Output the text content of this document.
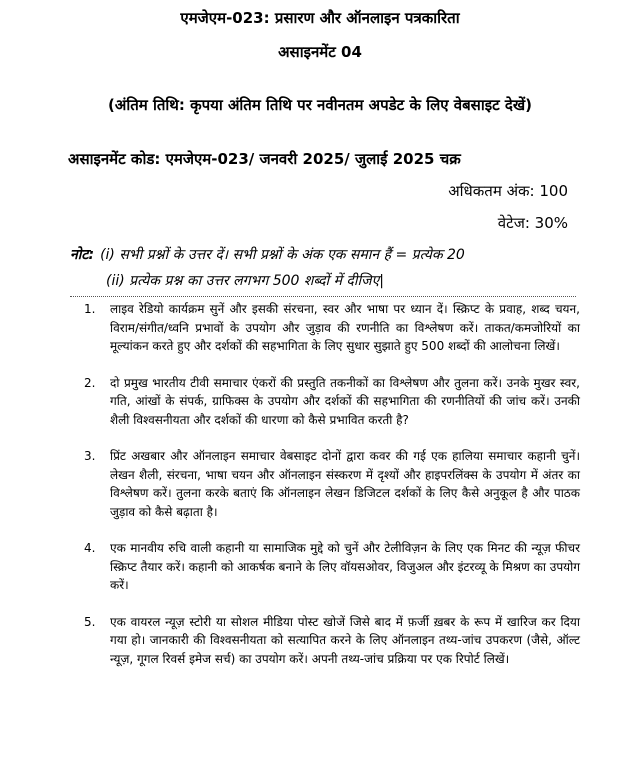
एमजेएम-023: प्रसारण और ऑनलाइन पत्रकारिता
असाइनमेंट 04
(अंतिम तिथि: कृपया अंतिम तिथि पर नवीनतम अपडेट के लिए वेबसाइट देखें)
असाइनमेंट कोड: एमजेएम-023/ जनवरी 2025/ जुलाई 2025 चक्र
अधिकतम अंक: 100
वेटेज: 30%
नोट: (i) सभी प्रश्नों के उत्तर दें। सभी प्रश्नों के अंक एक समान हैं = प्रत्येक 20
(ii) प्रत्येक प्रश्न का उत्तर लगभग 500 शब्दों में दीजिए|
1. लाइव रेडियो कार्यक्रम सुनें और इसकी संरचना, स्वर और भाषा पर ध्यान दें। स्क्रिप्ट के प्रवाह, शब्द चयन, विराम/संगीत/ध्वनि प्रभावों के उपयोग और जुड़ाव की रणनीति का विश्लेषण करें। ताकत/कमजोरियों का मूल्यांकन करते हुए और दर्शकों की सहभागिता के लिए सुधार सुझाते हुए 500 शब्दों की आलोचना लिखें।
2. दो प्रमुख भारतीय टीवी समाचार एंकरों की प्रस्तुति तकनीकों का विश्लेषण और तुलना करें। उनके मुखर स्वर, गति, आंखों के संपर्क, ग्राफिक्स के उपयोग और दर्शकों की सहभागिता की रणनीतियों की जांच करें। उनकी शैली विश्वसनीयता और दर्शकों की धारणा को कैसे प्रभावित करती है?
3. प्रिंट अखबार और ऑनलाइन समाचार वेबसाइट दोनों द्वारा कवर की गई एक हालिया समाचार कहानी चुनें। लेखन शैली, संरचना, भाषा चयन और ऑनलाइन संस्करण में दृश्यों और हाइपरलिंक्स के उपयोग में अंतर का विश्लेषण करें। तुलना करके बताएं कि ऑनलाइन लेखन डिजिटल दर्शकों के लिए कैसे अनुकूल है और पाठक जुड़ाव को कैसे बढ़ाता है।
4. एक मानवीय रुचि वाली कहानी या सामाजिक मुद्दे को चुनें और टेलीविज़न के लिए एक मिनट की न्यूज़ फीचर स्क्रिप्ट तैयार करें। कहानी को आकर्षक बनाने के लिए वॉयसओवर, विजुअल और इंटरव्यू के मिश्रण का उपयोग करें।
5. एक वायरल न्यूज़ स्टोरी या सोशल मीडिया पोस्ट खोजें जिसे बाद में फ़र्जी ख़बर के रूप में खारिज कर दिया गया हो। जानकारी की विश्वसनीयता को सत्यापित करने के लिए ऑनलाइन तथ्य-जांच उपकरण (जैसे, ऑल्ट न्यूज़, गूगल रिवर्स इमेज सर्च) का उपयोग करें। अपनी तथ्य-जांच प्रक्रिया पर एक रिपोर्ट लिखें।
